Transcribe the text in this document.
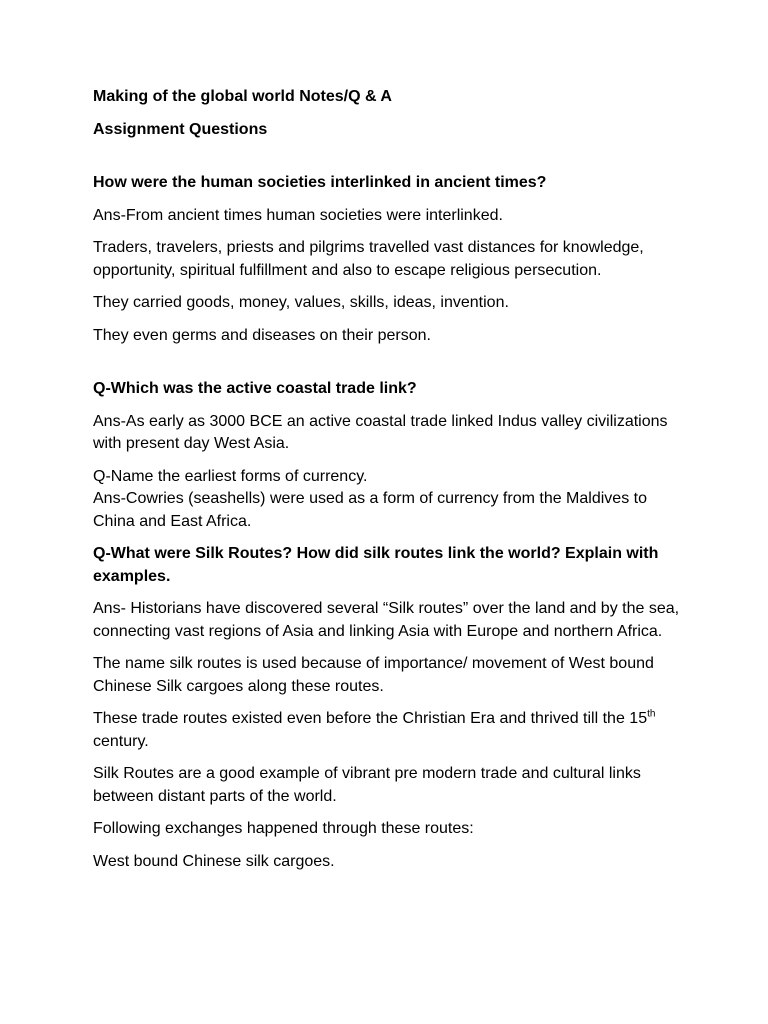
Making of the global world Notes/Q & A

Assignment Questions

How were the human societies interlinked in ancient times?

Ans-From ancient times human societies were interlinked.

Traders, travelers, priests and pilgrims travelled vast distances for knowledge, opportunity, spiritual fulfillment and also to escape religious persecution.

They carried goods, money, values, skills, ideas, invention.

They even germs and diseases on their person.

Q-Which was the active coastal trade link?

Ans-As early as 3000 BCE an active coastal trade linked Indus valley civilizations with present day West Asia.

Q-Name the earliest forms of currency.

Ans-Cowries (seashells) were used as a form of currency from the Maldives to China and East Africa.

Q-What were Silk Routes? How did silk routes link the world? Explain with examples.

Ans- Historians have discovered several “Silk routes” over the land and by the sea, connecting vast regions of Asia and linking Asia with Europe and northern Africa.

The name silk routes is used because of importance/ movement of West bound Chinese Silk cargoes along these routes.

These trade routes existed even before the Christian Era and thrived till the 15th century.

Silk Routes are a good example of vibrant pre modern trade and cultural links between distant parts of the world.

Following exchanges happened through these routes:

West bound Chinese silk cargoes.
